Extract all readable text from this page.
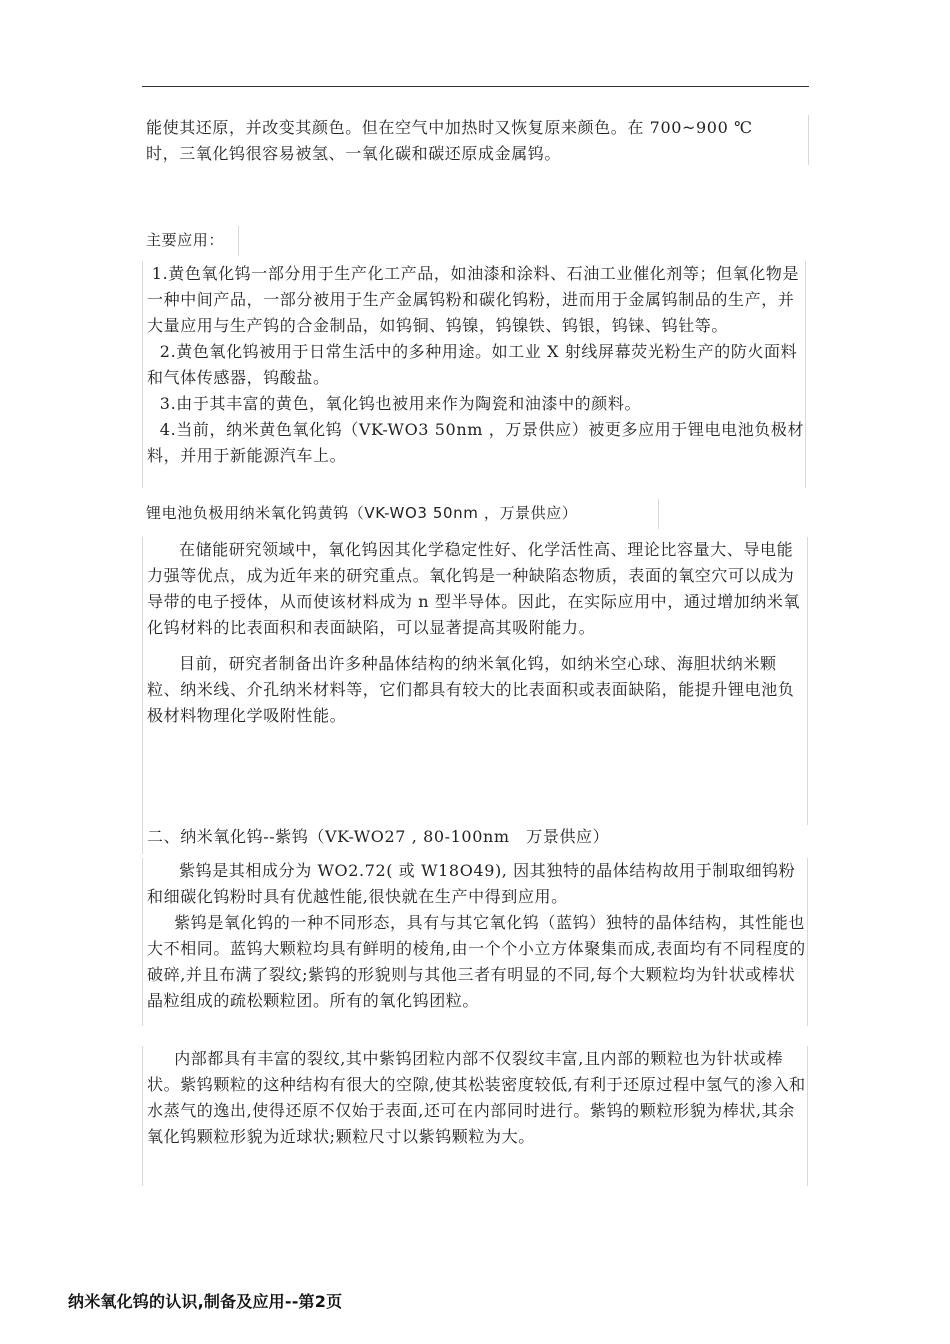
能使其还原，并改变其颜色。但在空气中加热时又恢复原来颜色。在 700~900 ℃

时，三氧化钨很容易被氢、一氧化碳和碳还原成金属钨。

主要应用：

1.黄色氧化钨一部分用于生产化工产品，如油漆和涂料、石油工业催化剂等；但氧化物是一种中间产品，一部分被用于生产金属钨粉和碳化钨粉，进而用于金属钨制品的生产，并大量应用与生产钨的合金制品，如钨铜、钨镍，钨镍铁、钨银，钨铼、钨钍等。

2.黄色氧化钨被用于日常生活中的多种用途。如工业 X 射线屏幕荧光粉生产的防火面料和气体传感器，钨酸盐。

3.由于其丰富的黄色，氧化钨也被用来作为陶瓷和油漆中的颜料。

4.当前，纳米黄色氧化钨（VK-WO3 50nm ，万景供应）被更多应用于锂电电池负极材料，并用于新能源汽车上。

锂电池负极用纳米氧化钨黄钨（VK-WO3 50nm ，万景供应）

在储能研究领域中，氧化钨因其化学稳定性好、化学活性高、理论比容量大、导电能力强等优点，成为近年来的研究重点。氧化钨是一种缺陷态物质，表面的氧空穴可以成为导带的电子授体，从而使该材料成为 n 型半导体。因此，在实际应用中，通过增加纳米氧化钨材料的比表面积和表面缺陷，可以显著提高其吸附能力。

目前，研究者制备出许多种晶体结构的纳米氧化钨，如纳米空心球、海胆状纳米颗粒、纳米线、介孔纳米材料等，它们都具有较大的比表面积或表面缺陷，能提升锂电池负极材料物理化学吸附性能。

二、纳米氧化钨--紫钨（VK-WO27 , 80-100nm　万景供应）

紫钨是其相成分为 WO2.72( 或 W18O49), 因其独特的晶体结构故用于制取细钨粉和细碳化钨粉时具有优越性能,很快就在生产中得到应用。

紫钨是氧化钨的一种不同形态，具有与其它氧化钨（蓝钨）独特的晶体结构，其性能也大不相同。蓝钨大颗粒均具有鲜明的棱角,由一个个小立方体聚集而成,表面均有不同程度的破碎,并且布满了裂纹;紫钨的形貌则与其他三者有明显的不同,每个大颗粒均为针状或棒状晶粒组成的疏松颗粒团。所有的氧化钨团粒。

内部都具有丰富的裂纹,其中紫钨团粒内部不仅裂纹丰富,且内部的颗粒也为针状或棒状。紫钨颗粒的这种结构有很大的空隙,使其松装密度较低,有利于还原过程中氢气的渗入和水蒸气的逸出,使得还原不仅始于表面,还可在内部同时进行。紫钨的颗粒形貌为棒状,其余氧化钨颗粒形貌为近球状;颗粒尺寸以紫钨颗粒为大。

纳米氧化钨的认识,制备及应用--第2页
